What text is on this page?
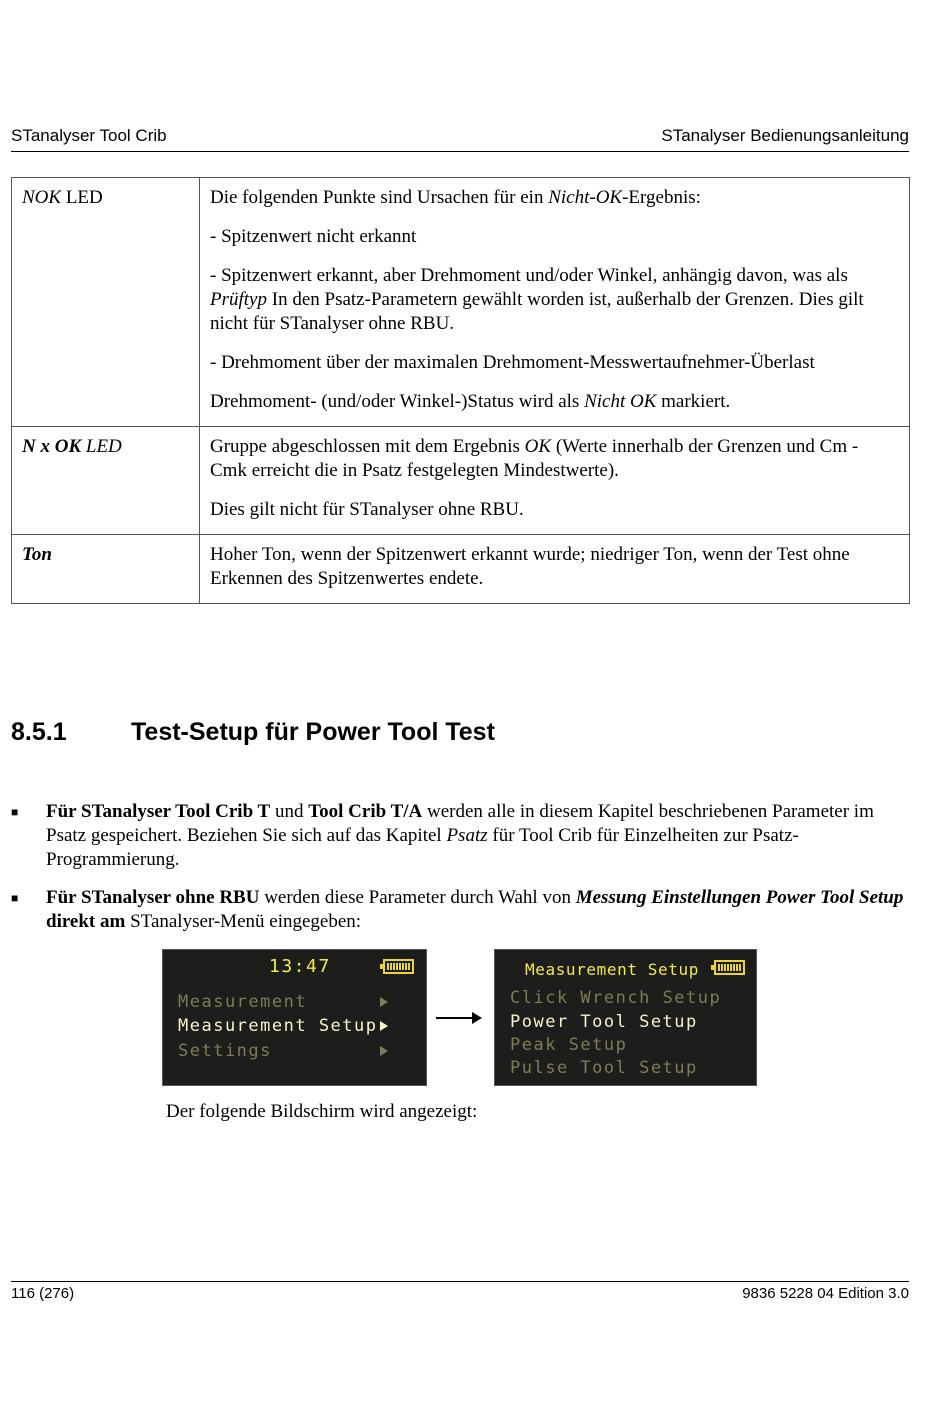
STanalyser Tool Crib	STanalyser Bedienungsanleitung
NOK LED	Die folgenden Punkte sind Ursachen für ein Nicht-OK-Ergebnis:

- Spitzenwert nicht erkannt

- Spitzenwert erkannt, aber Drehmoment und/oder Winkel, anhängig davon, was als Prüftyp In den Psatz-Parametern gewählt worden ist, außerhalb der Grenzen. Dies gilt nicht für STanalyser ohne RBU.

- Drehmoment über der maximalen Drehmoment-Messwertaufnehmer-Überlast

Drehmoment- (und/oder Winkel-)Status wird als Nicht OK markiert.

N x OK LED	Gruppe abgeschlossen mit dem Ergebnis OK (Werte innerhalb der Grenzen und Cm - Cmk erreicht die in Psatz festgelegten Mindestwerte).

Dies gilt nicht für STanalyser ohne RBU.

Ton	Hoher Ton, wenn der Spitzenwert erkannt wurde; niedriger Ton, wenn der Test ohne Erkennen des Spitzenwertes endete.

8.5.1	Test-Setup für Power Tool Test
■ Für STanalyser Tool Crib T und Tool Crib T/A werden alle in diesem Kapitel beschriebenen Parameter im Psatz gespeichert. Beziehen Sie sich auf das Kapitel Psatz für Tool Crib für Einzelheiten zur Psatz-Programmierung.
■ Für STanalyser ohne RBU werden diese Parameter durch Wahl von Messung Einstellungen Power Tool Setup direkt am STanalyser-Menü eingegeben:
13:47
Measurement
Measurement Setup
Settings
Measurement Setup
Click Wrench Setup
Power Tool Setup
Peak Setup
Pulse Tool Setup
Der folgende Bildschirm wird angezeigt:
116 (276)	9836 5228 04 Edition 3.0
